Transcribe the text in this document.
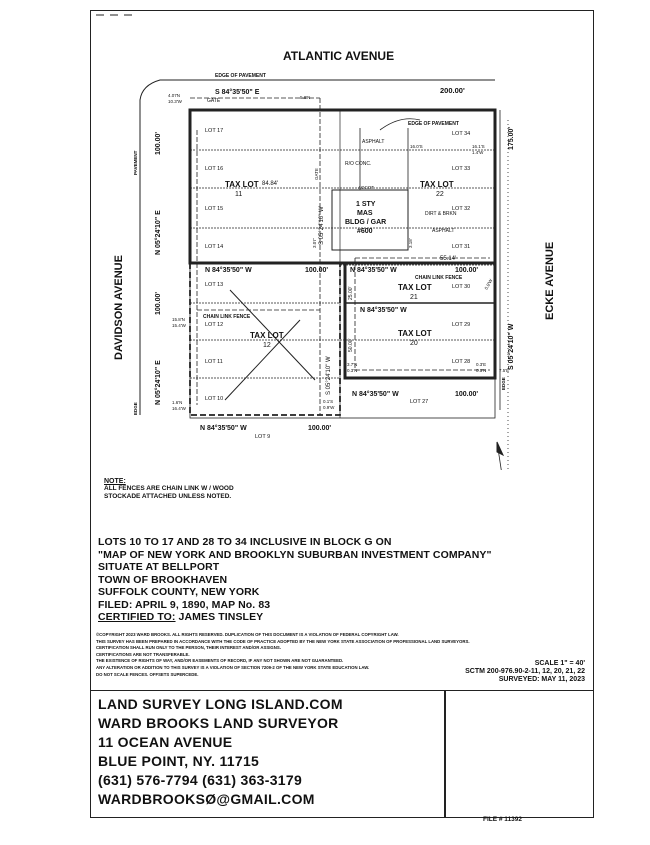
ATLANTIC AVENUE
EDGE OF PAVEMENT
S 84°35'50" E	200.00'
GATE
4.07N
10.3'W
5.8'N
DAVIDSON AVENUE
PAVEMENT
EDGE
100.00'
N 05°24'10" E
100.00'
N 05°24'10" E
ECKE AVENUE
175.00'
S 05°24'10" W
EDGE
LOT 17
LOT 16
LOT 15
LOT 14
LOT 13
LOT 12
LOT 11
LOT 10
LOT 9
LOT 34
LOT 33
LOT 32
LOT 31
LOT 30
LOT 29
LOT 28
LOT 27
TAX LOT
11
84.84'	TAX LOT
22
TAX LOT
21
TAX LOT
12
TAX LOT
20
1 STY
MAS
BLDG / GAR
#600
ASPHALT
EDGE OF PAVEMENT
R/O CONC.
AGCOT
DIRT & BRKN
ASPHALT
55.14'
GATE
CHAIN LINK FENCE
CHAIN LINK FENCE
3.07'	3.18'
25.00'
50.00'
16.0'S	16.1'S
1.4'W
15.8'N
15.4'W
1.6'N
16.4'W
0.1'S
0.9'W
3.7'N
0.3'N
0.3'E
0.5'N	7.5'E
0.8'W
N 84°35'50" W	100.00'	N 84°35'50" W	100.00'
N 84°35'50" W
N 84°35'50" W	100.00'
N 84°35'50" W	100.00'
S 05°24'10" W
S 05°24'10" W
NOTE:
ALL FENCES ARE CHAIN LINK W / WOOD
STOCKADE ATTACHED UNLESS NOTED.
LOTS 10 TO 17 AND 28 TO 34 INCLUSIVE IN BLOCK G ON
"MAP OF NEW YORK AND BROOKLYN SUBURBAN INVESTMENT COMPANY"
SITUATE AT BELLPORT
TOWN OF BROOKHAVEN
SUFFOLK COUNTY, NEW YORK
FILED: APRIL 9, 1890, MAP No. 83
CERTIFIED TO: JAMES TINSLEY
©COPYRIGHT 2023 WARD BROOKS. ALL RIGHTS RESERVED. DUPLICATION OF THIS DOCUMENT IS A VIOLATION OF FEDERAL COPYRIGHT LAW.
THIS SURVEY HAS BEEN PREPARED IN ACCORDANCE WITH THE CODE OF PRACTICE ADOPTED BY THE NEW YORK STATE ASSOCIATION OF PROFESSIONAL LAND SURVEYORS.
CERTIFICATION SHALL RUN ONLY TO THE PERSON, THEIR INTEREST AND/OR ASSIGNS.
CERTIFICATIONS ARE NOT TRANSFERABLE.
THE EXISTENCE OF RIGHTS OF WAY, AND/OR EASEMENTS OF RECORD, IF ANY NOT SHOWN ARE NOT GUARANTEED.
ANY ALTERATION OR ADDITION TO THIS SURVEY IS A VIOLATION OF SECTION 7209-2 OF THE NEW YORK STATE EDUCATION LAW.
DO NOT SCALE FENCES. OFFSETS SUPERCEDE.
SCALE 1" = 40'
SCTM 200-976.90-2-11, 12, 20, 21, 22
SURVEYED: MAY 11, 2023
LAND SURVEY LONG ISLAND.COM
WARD BROOKS LAND SURVEYOR
11 OCEAN AVENUE
BLUE POINT, NY. 11715
(631) 576-7794 (631) 363-3179
WARDBROOKSØ@GMAIL.COM
FILE # 11392
